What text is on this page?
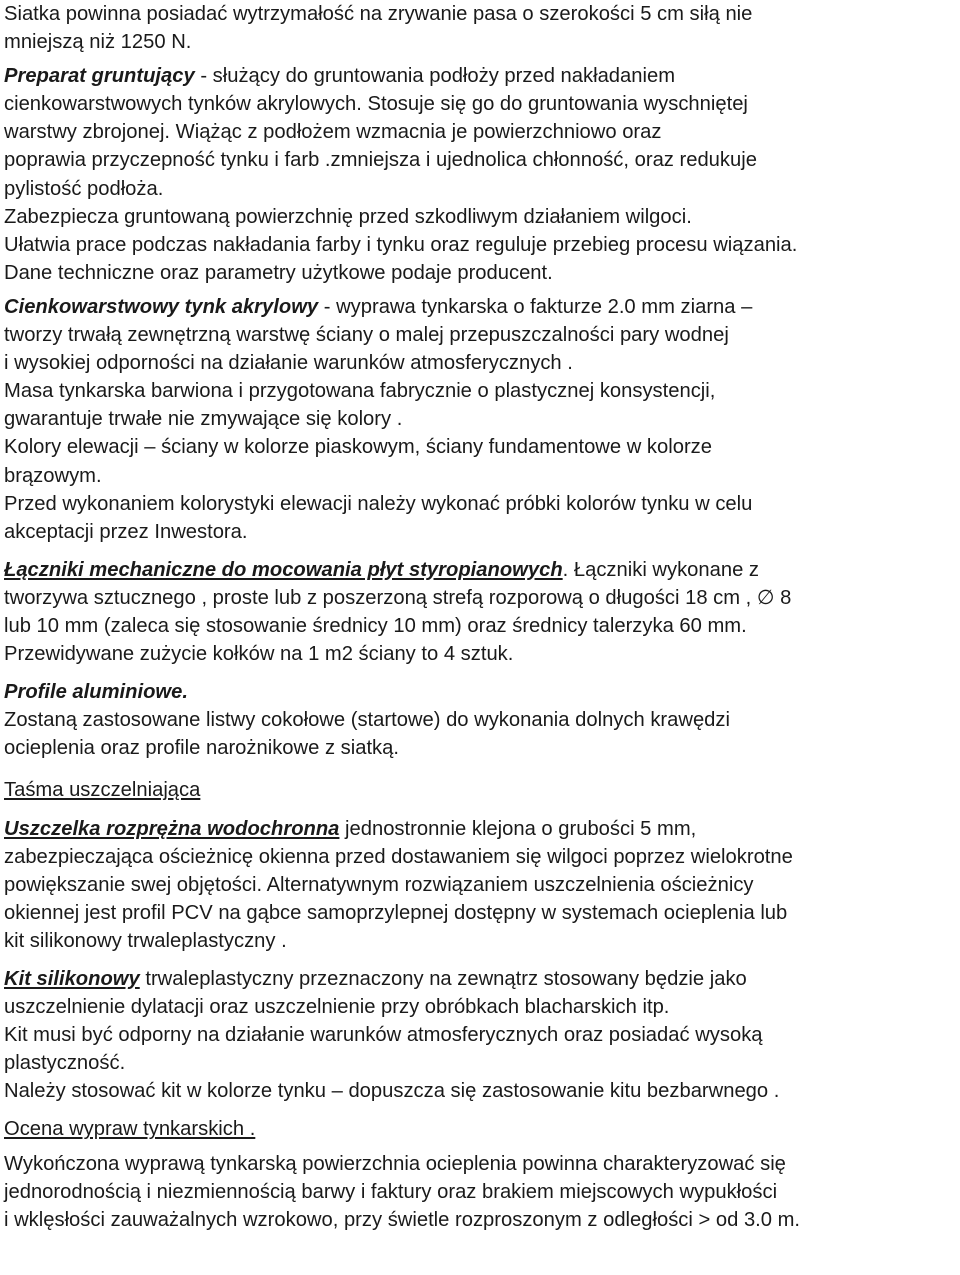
Siatka powinna posiadać wytrzymałość na zrywanie pasa o szerokości 5 cm siłą nie
mniejszą niż 1250 N.
Preparat gruntujący - służący do gruntowania podłoży przed nakładaniem
cienkowarstwowych tynków akrylowych. Stosuje się go do gruntowania wyschniętej
warstwy zbrojonej. Wiążąc z podłożem wzmacnia je powierzchniowo oraz
poprawia przyczepność tynku i farb .zmniejsza i ujednolica chłonność, oraz redukuje
pylistość podłoża.
Zabezpiecza gruntowaną powierzchnię przed szkodliwym działaniem wilgoci.
Ułatwia prace podczas nakładania farby i tynku oraz reguluje przebieg procesu wiązania.
Dane techniczne oraz parametry użytkowe podaje producent.
Cienkowarstwowy tynk akrylowy - wyprawa tynkarska o fakturze 2.0 mm ziarna –
tworzy trwałą zewnętrzną warstwę ściany o malej przepuszczalności pary wodnej
i wysokiej odporności na działanie warunków atmosferycznych .
Masa tynkarska barwiona i przygotowana fabrycznie o plastycznej konsystencji,
gwarantuje trwałe nie zmywające się kolory .
Kolory elewacji – ściany w kolorze piaskowym, ściany fundamentowe w kolorze
brązowym.
Przed wykonaniem kolorystyki elewacji należy wykonać próbki kolorów tynku w celu
akceptacji przez Inwestora.
Łączniki mechaniczne do mocowania płyt styropianowych. Łączniki wykonane z
tworzywa sztucznego , proste lub z poszerzoną strefą rozporową o długości 18 cm , ∅ 8
lub 10 mm (zaleca się stosowanie średnicy 10 mm) oraz średnicy talerzyka 60 mm.
Przewidywane zużycie kołków na 1 m2 ściany to 4 sztuk.
Profile aluminiowe.
Zostaną zastosowane listwy cokołowe (startowe) do wykonania dolnych krawędzi
ocieplenia oraz profile narożnikowe z siatką.
Taśma uszczelniająca
Uszczelka rozprężna wodochronna jednostronnie klejona o grubości 5 mm,
zabezpieczająca ościeżnicę okienna przed dostawaniem się wilgoci poprzez wielokrotne
powiększanie swej objętości. Alternatywnym rozwiązaniem uszczelnienia ościeżnicy
okiennej jest profil PCV na gąbce samoprzylepnej dostępny w systemach ocieplenia lub
kit silikonowy trwaleplastyczny .
Kit silikonowy trwaleplastyczny przeznaczony na zewnątrz stosowany będzie jako
uszczelnienie dylatacji oraz uszczelnienie przy obróbkach blacharskich itp.
Kit musi być odporny na działanie warunków atmosferycznych oraz posiadać wysoką
plastyczność.
Należy stosować kit w kolorze tynku – dopuszcza się zastosowanie kitu bezbarwnego .
Ocena wypraw tynkarskich .
Wykończona wyprawą tynkarską powierzchnia ocieplenia powinna charakteryzować się
jednorodnością i niezmiennością barwy i faktury oraz brakiem miejscowych wypukłości
i wklęsłości zauważalnych wzrokowo, przy świetle rozproszonym z odległości > od 3.0 m.
